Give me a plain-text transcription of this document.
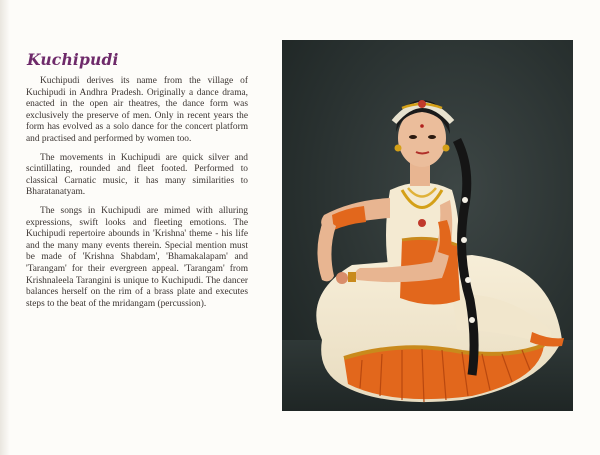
Kuchipudi

Kuchipudi derives its name from the village of Kuchipudi in Andhra Pradesh. Originally a dance drama, enacted in the open air theatres, the dance form was exclusively the preserve of men. Only in recent years the form has evolved as a solo dance for the concert platform and practised and performed by women too.

The movements in Kuchipudi are quick silver and scintillating, rounded and fleet footed. Performed to classical Carnatic music, it has many similarities to Bharatanatyam.

The songs in Kuchipudi are mimed with alluring expressions, swift looks and fleeting emotions. The Kuchipudi repertoire abounds in 'Krishna' theme - his life and the many many events therein. Special mention must be made of 'Krishna Shabdam', 'Bhamakalapam' and 'Tarangam' for their evergreen appeal. 'Tarangam' from Krishnaleela Tarangini is unique to Kuchipudi. The dancer balances herself on the rim of a brass plate and executes steps to the beat of the mridangam (percussion).
